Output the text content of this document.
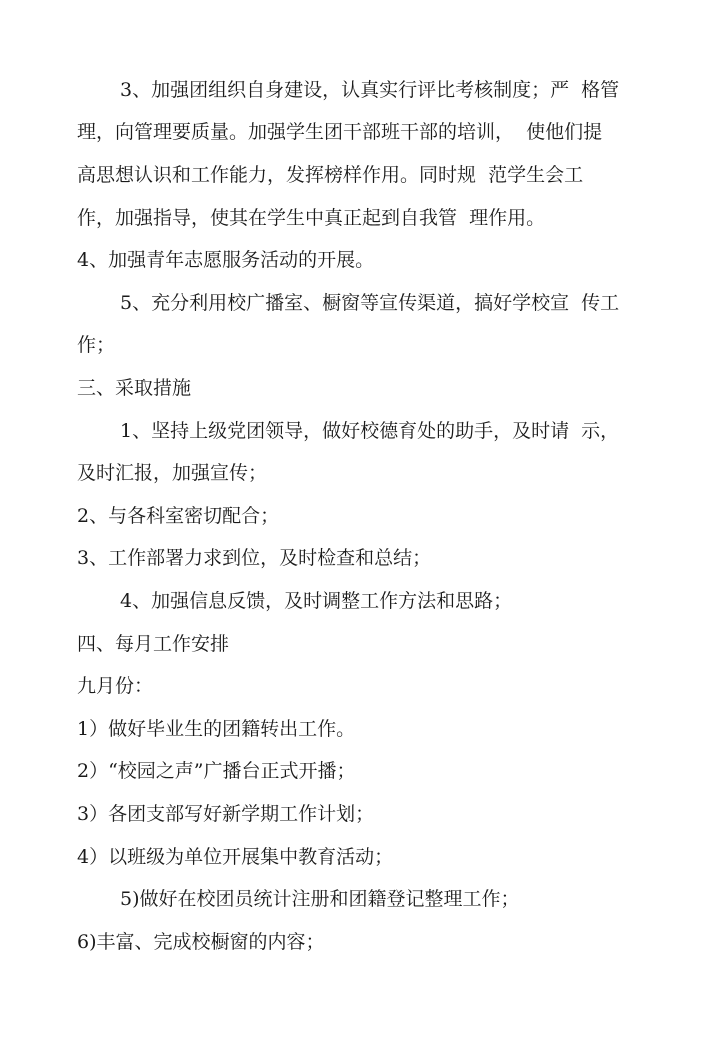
3、加强团组织自身建设，认真实行评比考核制度；严  格管
理，向管理要质量。加强学生团干部班干部的培训，  使他们提
高思想认识和工作能力，发挥榜样作用。同时规  范学生会工
作，加强指导，使其在学生中真正起到自我管  理作用。
4、加强青年志愿服务活动的开展。
5、充分利用校广播室、橱窗等宣传渠道，搞好学校宣  传工
作；
三、采取措施
1、坚持上级党团领导，做好校德育处的助手，及时请  示，
及时汇报，加强宣传；
2、与各科室密切配合；
3、工作部署力求到位，及时检查和总结；
4、加强信息反馈，及时调整工作方法和思路；
四、每月工作安排
九月份：
1）做好毕业生的团籍转出工作。
2）“校园之声”广播台正式开播；
3）各团支部写好新学期工作计划；
4）以班级为单位开展集中教育活动；
5)做好在校团员统计注册和团籍登记整理工作；
6)丰富、完成校橱窗的内容；
